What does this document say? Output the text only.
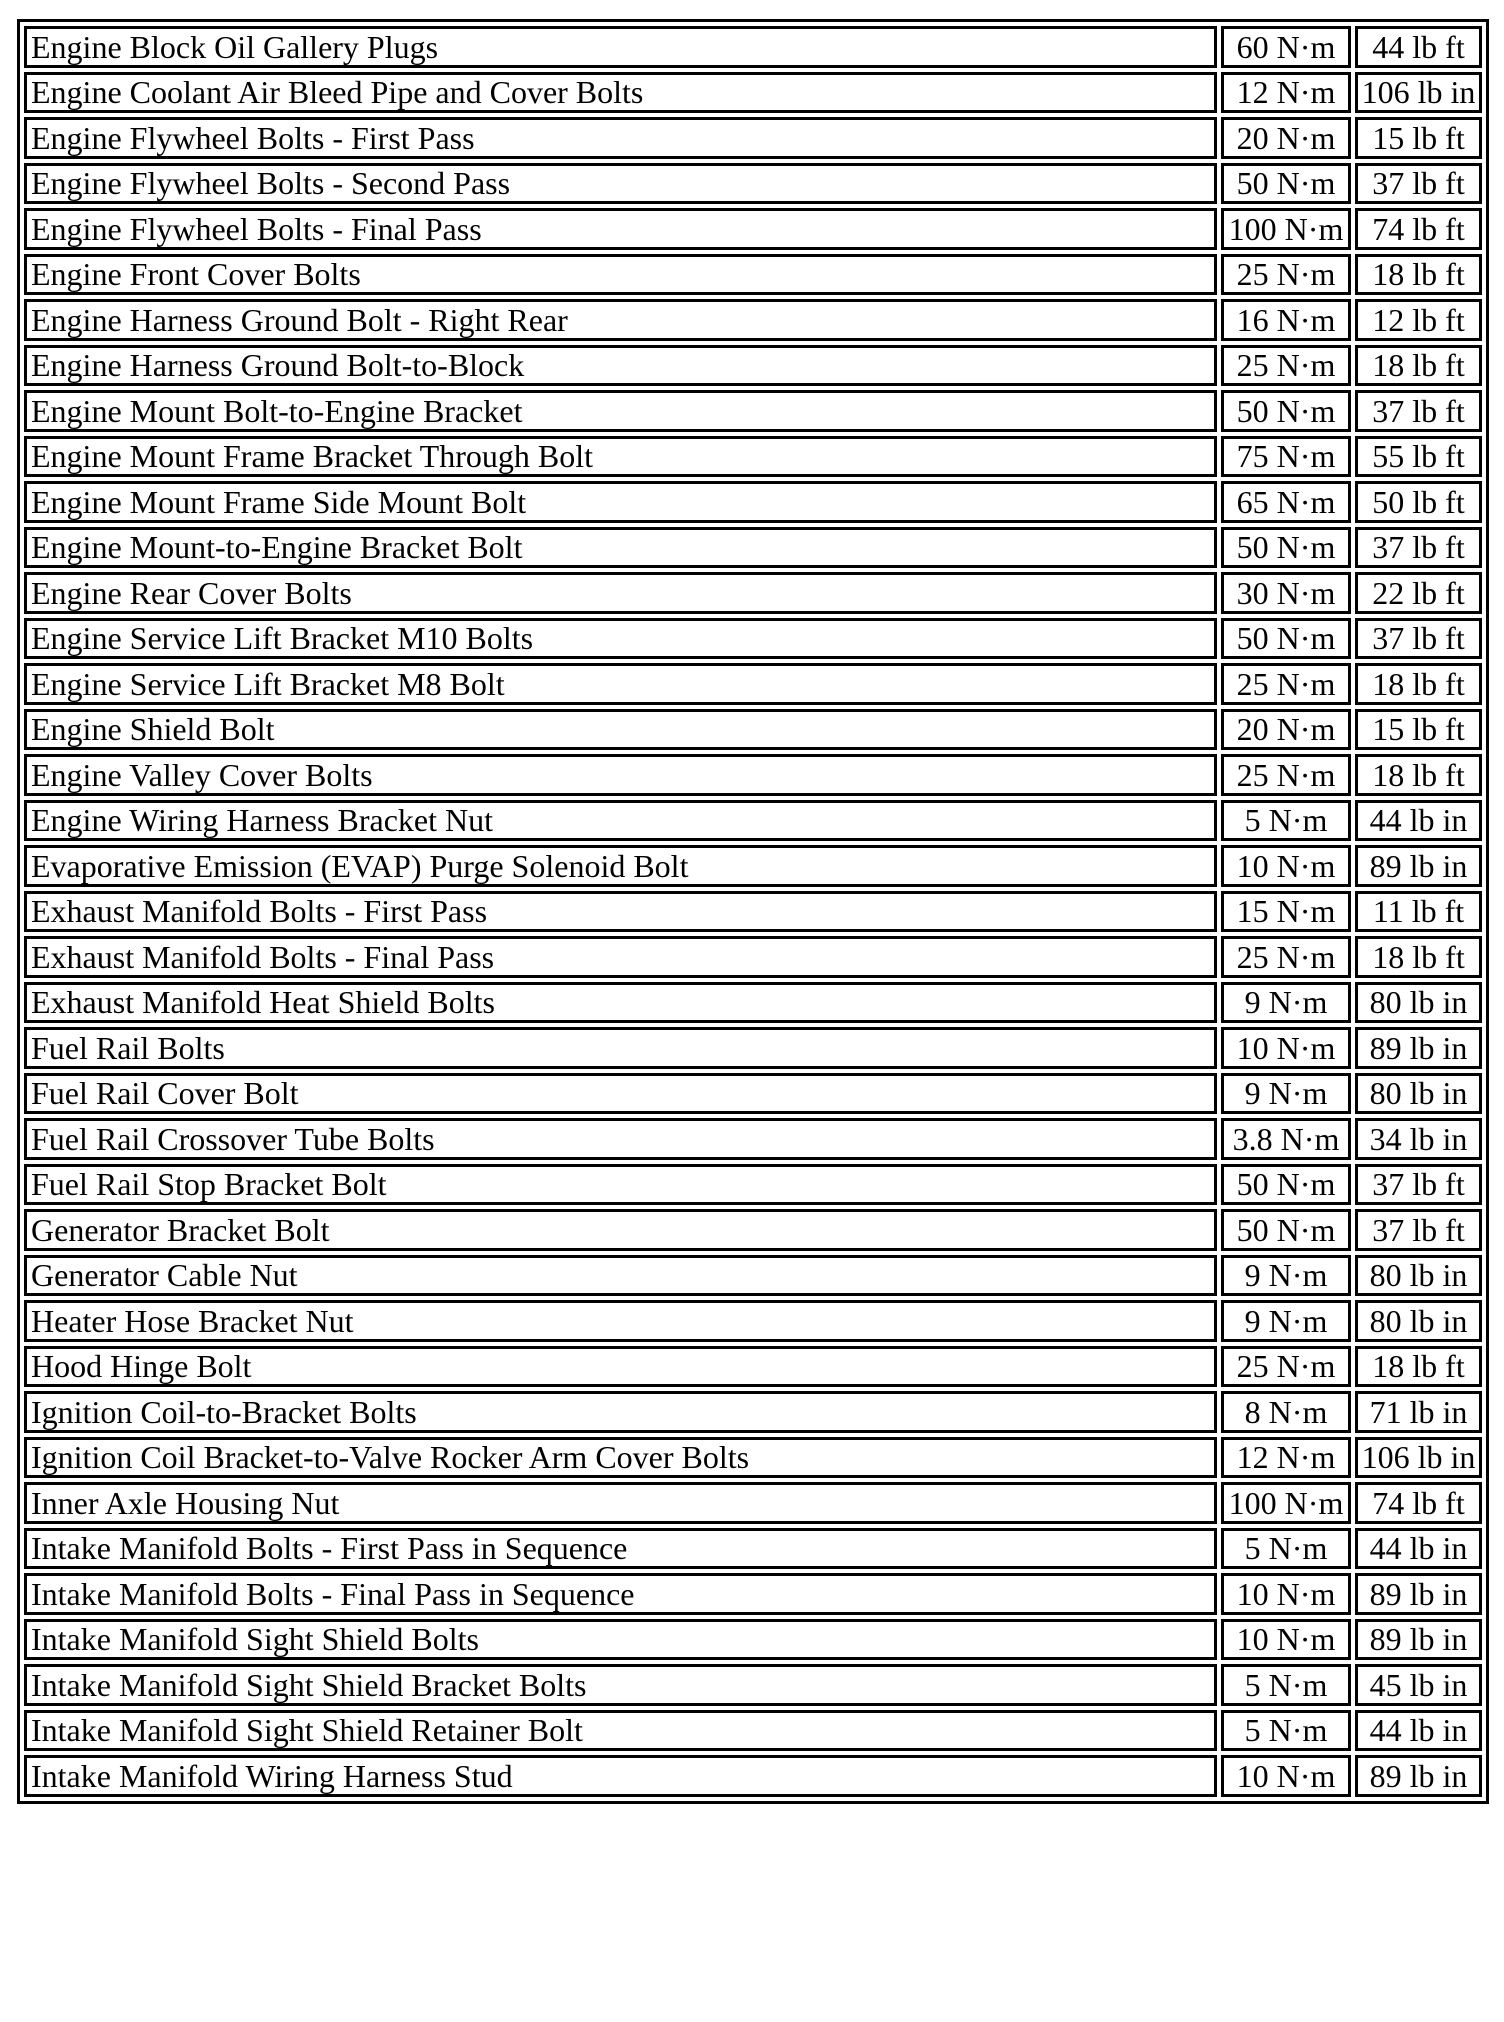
Engine Block Oil Gallery Plugs	60 N·m	44 lb ft
Engine Coolant Air Bleed Pipe and Cover Bolts	12 N·m	106 lb in
Engine Flywheel Bolts - First Pass	20 N·m	15 lb ft
Engine Flywheel Bolts - Second Pass	50 N·m	37 lb ft
Engine Flywheel Bolts - Final Pass	100 N·m	74 lb ft
Engine Front Cover Bolts	25 N·m	18 lb ft
Engine Harness Ground Bolt - Right Rear	16 N·m	12 lb ft
Engine Harness Ground Bolt-to-Block	25 N·m	18 lb ft
Engine Mount Bolt-to-Engine Bracket	50 N·m	37 lb ft
Engine Mount Frame Bracket Through Bolt	75 N·m	55 lb ft
Engine Mount Frame Side Mount Bolt	65 N·m	50 lb ft
Engine Mount-to-Engine Bracket Bolt	50 N·m	37 lb ft
Engine Rear Cover Bolts	30 N·m	22 lb ft
Engine Service Lift Bracket M10 Bolts	50 N·m	37 lb ft
Engine Service Lift Bracket M8 Bolt	25 N·m	18 lb ft
Engine Shield Bolt	20 N·m	15 lb ft
Engine Valley Cover Bolts	25 N·m	18 lb ft
Engine Wiring Harness Bracket Nut	5 N·m	44 lb in
Evaporative Emission (EVAP) Purge Solenoid Bolt	10 N·m	89 lb in
Exhaust Manifold Bolts - First Pass	15 N·m	11 lb ft
Exhaust Manifold Bolts - Final Pass	25 N·m	18 lb ft
Exhaust Manifold Heat Shield Bolts	9 N·m	80 lb in
Fuel Rail Bolts	10 N·m	89 lb in
Fuel Rail Cover Bolt	9 N·m	80 lb in
Fuel Rail Crossover Tube Bolts	3.8 N·m	34 lb in
Fuel Rail Stop Bracket Bolt	50 N·m	37 lb ft
Generator Bracket Bolt	50 N·m	37 lb ft
Generator Cable Nut	9 N·m	80 lb in
Heater Hose Bracket Nut	9 N·m	80 lb in
Hood Hinge Bolt	25 N·m	18 lb ft
Ignition Coil-to-Bracket Bolts	8 N·m	71 lb in
Ignition Coil Bracket-to-Valve Rocker Arm Cover Bolts	12 N·m	106 lb in
Inner Axle Housing Nut	100 N·m	74 lb ft
Intake Manifold Bolts - First Pass in Sequence	5 N·m	44 lb in
Intake Manifold Bolts - Final Pass in Sequence	10 N·m	89 lb in
Intake Manifold Sight Shield Bolts	10 N·m	89 lb in
Intake Manifold Sight Shield Bracket Bolts	5 N·m	45 lb in
Intake Manifold Sight Shield Retainer Bolt	5 N·m	44 lb in
Intake Manifold Wiring Harness Stud	10 N·m	89 lb in
